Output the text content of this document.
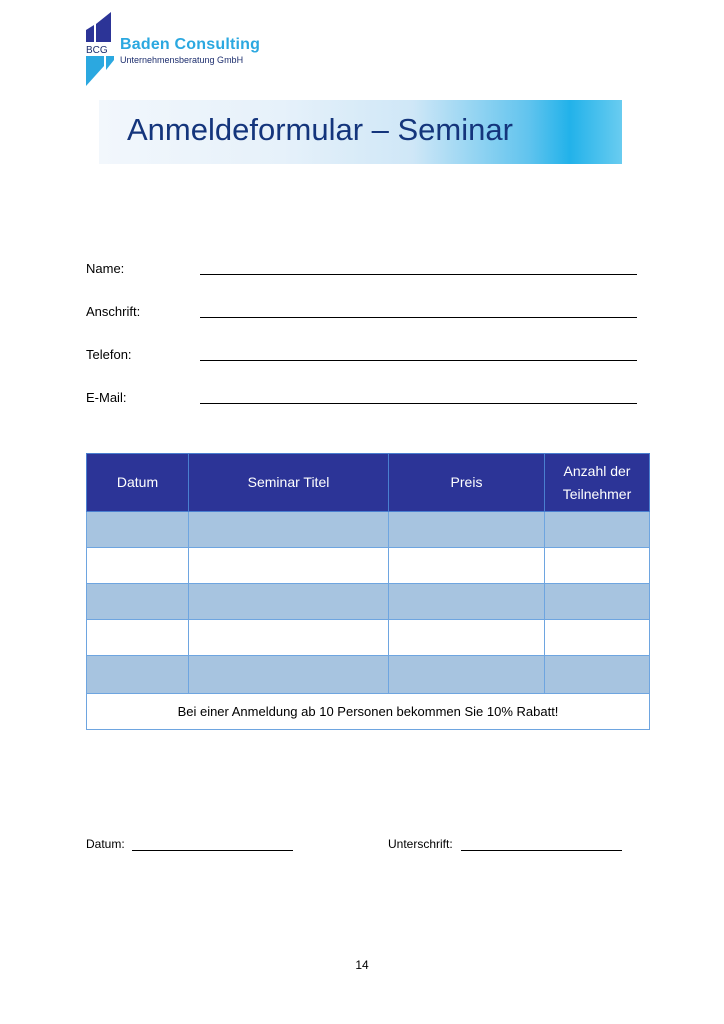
BCG Baden Consulting
Unternehmensberatung GmbH
Anmeldeformular – Seminar
Name:
Anschrift:
Telefon:
E-Mail:
Datum	Seminar Titel	Preis	Anzahl der Teilnehmer

Bei einer Anmeldung ab 10 Personen bekommen Sie 10% Rabatt!			
Datum:	Unterschrift:
14
